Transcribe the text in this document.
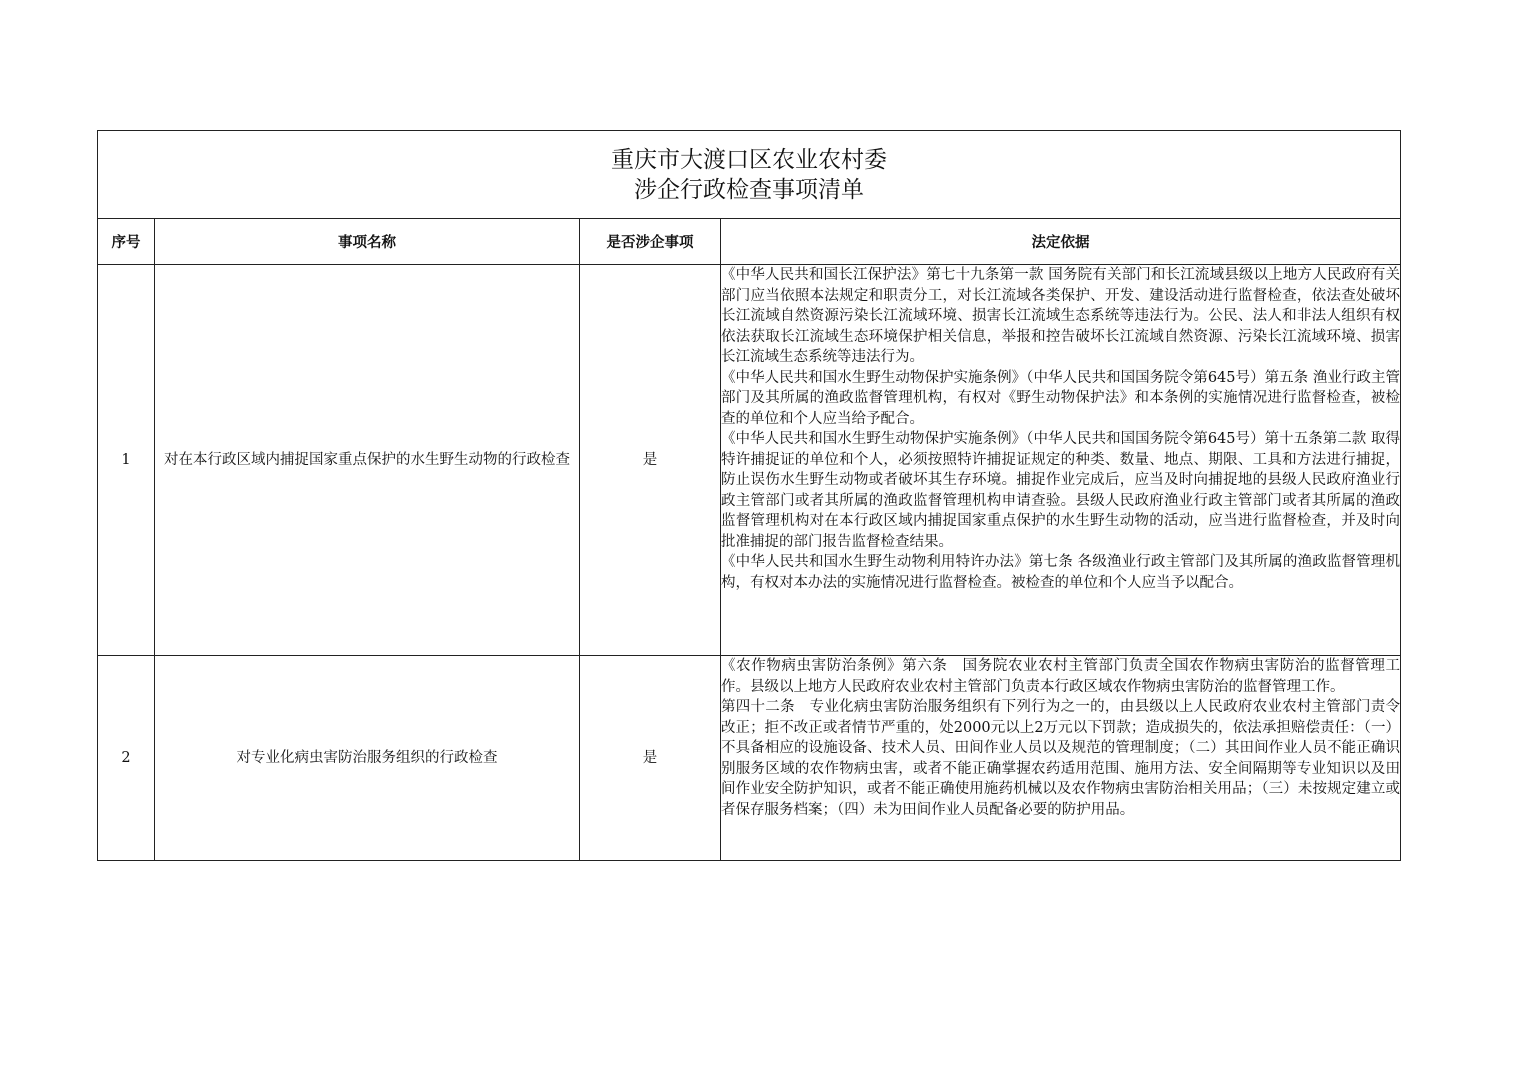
重庆市大渡口区农业农村委
涉企行政检查事项清单			

序号	事项名称	是否涉企事项	法定依据
1	对在本行政区域内捕捉国家重点保护的水生野生动物的行政检查	是	《中华人民共和国长江保护法》第七十九条第一款 国务院有关部门和长江流域县级以上地方人民政府有关部门应当依照本法规定和职责分工，对长江流域各类保护、开发、建设活动进行监督检查，依法查处破坏长江流域自然资源污染长江流域环境、损害长江流域生态系统等违法行为。公民、法人和非法人组织有权依法获取长江流域生态环境保护相关信息，举报和控告破坏长江流域自然资源、污染长江流域环境、损害长江流域生态系统等违法行为。
《中华人民共和国水生野生动物保护实施条例》（中华人民共和国国务院令第645号）第五条 渔业行政主管部门及其所属的渔政监督管理机构，有权对《野生动物保护法》和本条例的实施情况进行监督检查，被检查的单位和个人应当给予配合。
《中华人民共和国水生野生动物保护实施条例》（中华人民共和国国务院令第645号）第十五条第二款 取得特许捕捉证的单位和个人，必须按照特许捕捉证规定的种类、数量、地点、期限、工具和方法进行捕捉，防止误伤水生野生动物或者破坏其生存环境。捕捉作业完成后，应当及时向捕捉地的县级人民政府渔业行政主管部门或者其所属的渔政监督管理机构申请查验。县级人民政府渔业行政主管部门或者其所属的渔政监督管理机构对在本行政区域内捕捉国家重点保护的水生野生动物的活动，应当进行监督检查，并及时向批准捕捉的部门报告监督检查结果。
《中华人民共和国水生野生动物利用特许办法》第七条 各级渔业行政主管部门及其所属的渔政监督管理机构，有权对本办法的实施情况进行监督检查。被检查的单位和个人应当予以配合。

2	对专业化病虫害防治服务组织的行政检查	是	《农作物病虫害防治条例》第六条　国务院农业农村主管部门负责全国农作物病虫害防治的监督管理工作。县级以上地方人民政府农业农村主管部门负责本行政区域农作物病虫害防治的监督管理工作。
第四十二条　专业化病虫害防治服务组织有下列行为之一的，由县级以上人民政府农业农村主管部门责令改正；拒不改正或者情节严重的，处2000元以上2万元以下罚款；造成损失的，依法承担赔偿责任：（一）不具备相应的设施设备、技术人员、田间作业人员以及规范的管理制度；（二）其田间作业人员不能正确识别服务区域的农作物病虫害，或者不能正确掌握农药适用范围、施用方法、安全间隔期等专业知识以及田间作业安全防护知识，或者不能正确使用施药机械以及农作物病虫害防治相关用品；（三）未按规定建立或者保存服务档案；（四）未为田间作业人员配备必要的防护用品。
